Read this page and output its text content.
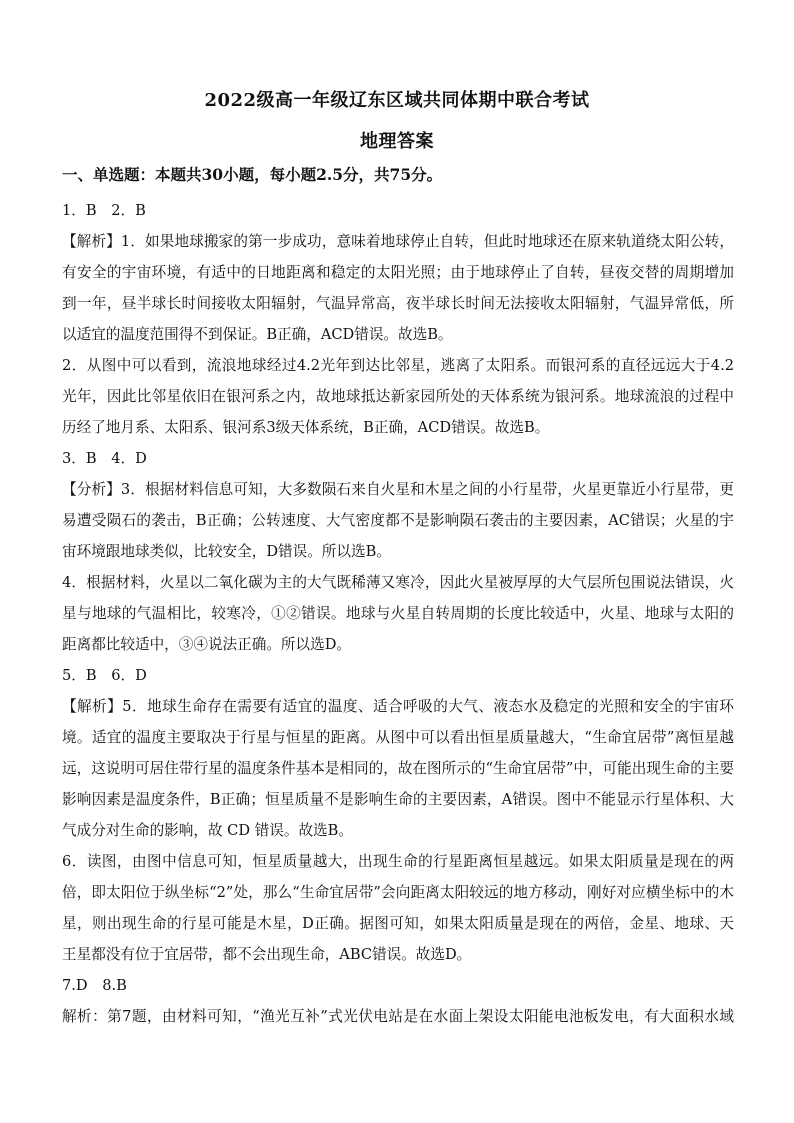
2022级高一年级辽东区域共同体期中联合考试
地理答案
一、单选题：本题共30小题，每小题2.5分，共75分。
1．B　2．B
【解析】1．如果地球搬家的第一步成功，意味着地球停止自转，但此时地球还在原来轨道绕太阳公转，
有安全的宇宙环境，有适中的日地距离和稳定的太阳光照；由于地球停止了自转，昼夜交替的周期增加
到一年，昼半球长时间接收太阳辐射，气温异常高，夜半球长时间无法接收太阳辐射，气温异常低，所
以适宜的温度范围得不到保证。B正确，ACD错误。故选B。
2．从图中可以看到，流浪地球经过4.2光年到达比邻星，逃离了太阳系。而银河系的直径远远大于4.2
光年，因此比邻星依旧在银河系之内，故地球抵达新家园所处的天体系统为银河系。地球流浪的过程中
历经了地月系、太阳系、银河系3级天体系统，B正确，ACD错误。故选B。
3．B　4．D
【分析】3．根据材料信息可知，大多数陨石来自火星和木星之间的小行星带，火星更靠近小行星带，更
易遭受陨石的袭击，B正确；公转速度、大气密度都不是影响陨石袭击的主要因素，AC错误；火星的宇
宙环境跟地球类似，比较安全，D错误。所以选B。
4．根据材料，火星以二氧化碳为主的大气既稀薄又寒冷，因此火星被厚厚的大气层所包围说法错误，火
星与地球的气温相比，较寒冷，①②错误。地球与火星自转周期的长度比较适中，火星、地球与太阳的
距离都比较适中，③④说法正确。所以选D。
5．B　6．D
【解析】5．地球生命存在需要有适宜的温度、适合呼吸的大气、液态水及稳定的光照和安全的宇宙环
境。适宜的温度主要取决于行星与恒星的距离。从图中可以看出恒星质量越大，“生命宜居带”离恒星越
远，这说明可居住带行星的温度条件基本是相同的，故在图所示的“生命宜居带”中，可能出现生命的主要
影响因素是温度条件，B正确；恒星质量不是影响生命的主要因素，A错误。图中不能显示行星体积、大
气成分对生命的影响，故 CD 错误。故选B。
6．读图，由图中信息可知，恒星质量越大，出现生命的行星距离恒星越远。如果太阳质量是现在的两
倍，即太阳位于纵坐标“2”处，那么“生命宜居带”会向距离太阳较远的地方移动，刚好对应横坐标中的木
星，则出现生命的行星可能是木星，D正确。据图可知，如果太阳质量是现在的两倍，金星、地球、天
王星都没有位于宜居带，都不会出现生命，ABC错误。故选D。
7.D　8.B
解析：第7题，由材料可知，“渔光互补”式光伏电站是在水面上架设太阳能电池板发电，有大面积水域
